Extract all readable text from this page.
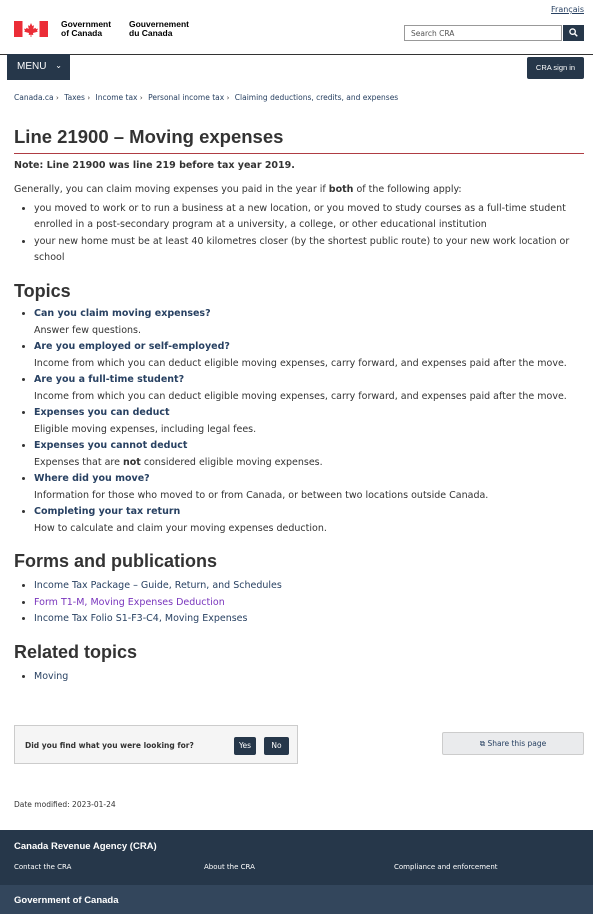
Government
of Canada
Gouvernement
du Canada
Français
Search CRA
MENU ⌄	CRA sign in
Canada.ca › Taxes › Income tax › Personal income tax › Claiming deductions, credits, and expenses
Line 21900 – Moving expenses

Note: Line 21900 was line 219 before tax year 2019.

Generally, you can claim moving expenses you paid in the year if both of the following apply:

• you moved to work or to run a business at a new location, or you moved to study courses as a full-time student enrolled in a post-secondary program at a university, a college, or other educational institution
• your new home must be at least 40 kilometres closer (by the shortest public route) to your new work location or school
Topics
• Can you claim moving expenses?
Answer few questions.
• Are you employed or self-employed?
Income from which you can deduct eligible moving expenses, carry forward, and expenses paid after the move.
• Are you a full-time student?
Income from which you can deduct eligible moving expenses, carry forward, and expenses paid after the move.
• Expenses you can deduct
Eligible moving expenses, including legal fees.
• Expenses you cannot deduct
Expenses that are not considered eligible moving expenses.
• Where did you move?
Information for those who moved to or from Canada, or between two locations outside Canada.
• Completing your tax return
How to calculate and claim your moving expenses deduction.
Forms and publications
• Income Tax Package – Guide, Return, and Schedules
• Form T1-M, Moving Expenses Deduction
• Income Tax Folio S1-F3-C4, Moving Expenses
Related topics
• Moving
Did you find what you were looking for?	Yes	No	⧉ Share this page
Date modified: 2023-01-24
Canada Revenue Agency (CRA)
Contact the CRA	About the CRA	Compliance and enforcement
Government of Canada
